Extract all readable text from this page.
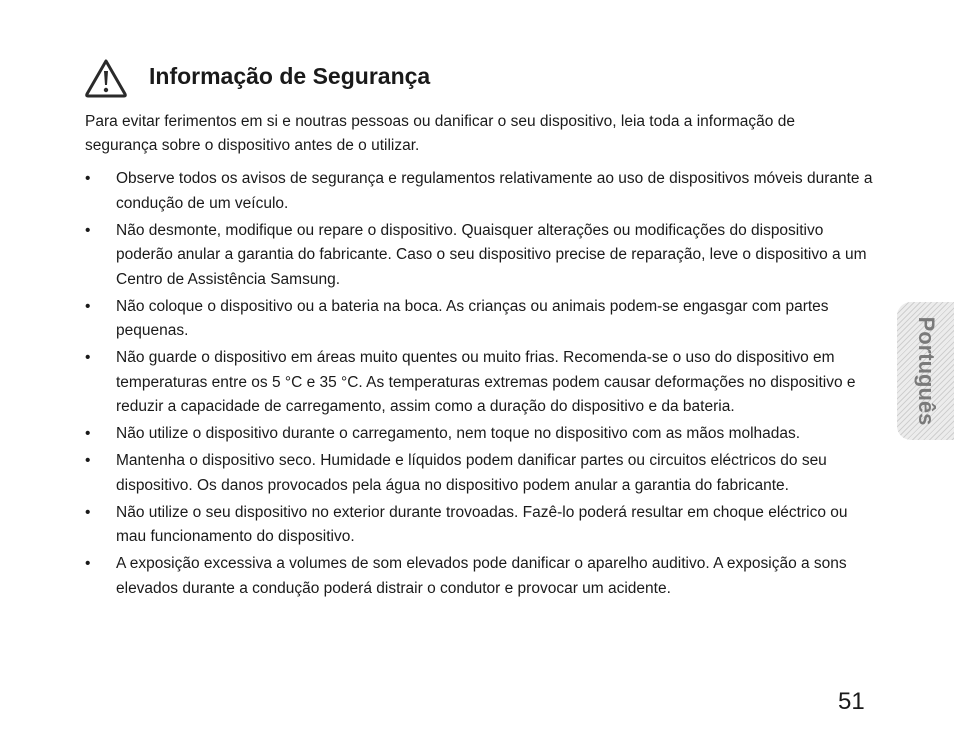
Informação de Segurança
Para evitar ferimentos em si e noutras pessoas ou danificar o seu dispositivo, leia toda a informação de segurança sobre o dispositivo antes de o utilizar.
• Observe todos os avisos de segurança e regulamentos relativamente ao uso de dispositivos móveis durante a condução de um veículo.
• Não desmonte, modifique ou repare o dispositivo. Quaisquer alterações ou modificações do dispositivo poderão anular a garantia do fabricante. Caso o seu dispositivo precise de reparação, leve o dispositivo a um Centro de Assistência Samsung.
• Não coloque o dispositivo ou a bateria na boca. As crianças ou animais podem-se engasgar com partes pequenas.
• Não guarde o dispositivo em áreas muito quentes ou muito frias. Recomenda-se o uso do dispositivo em temperaturas entre os 5 °C e 35 °C. As temperaturas extremas podem causar deformações no dispositivo e reduzir a capacidade de carregamento, assim como a duração do dispositivo e da bateria.
• Não utilize o dispositivo durante o carregamento, nem toque no dispositivo com as mãos molhadas.
• Mantenha o dispositivo seco. Humidade e líquidos podem danificar partes ou circuitos eléctricos do seu dispositivo. Os danos provocados pela água no dispositivo podem anular a garantia do fabricante.
• Não utilize o seu dispositivo no exterior durante trovoadas. Fazê-lo poderá resultar em choque eléctrico ou mau funcionamento do dispositivo.
• A exposição excessiva a volumes de som elevados pode danificar o aparelho auditivo. A exposição a sons elevados durante a condução poderá distrair o condutor e provocar um acidente.
Português
51
